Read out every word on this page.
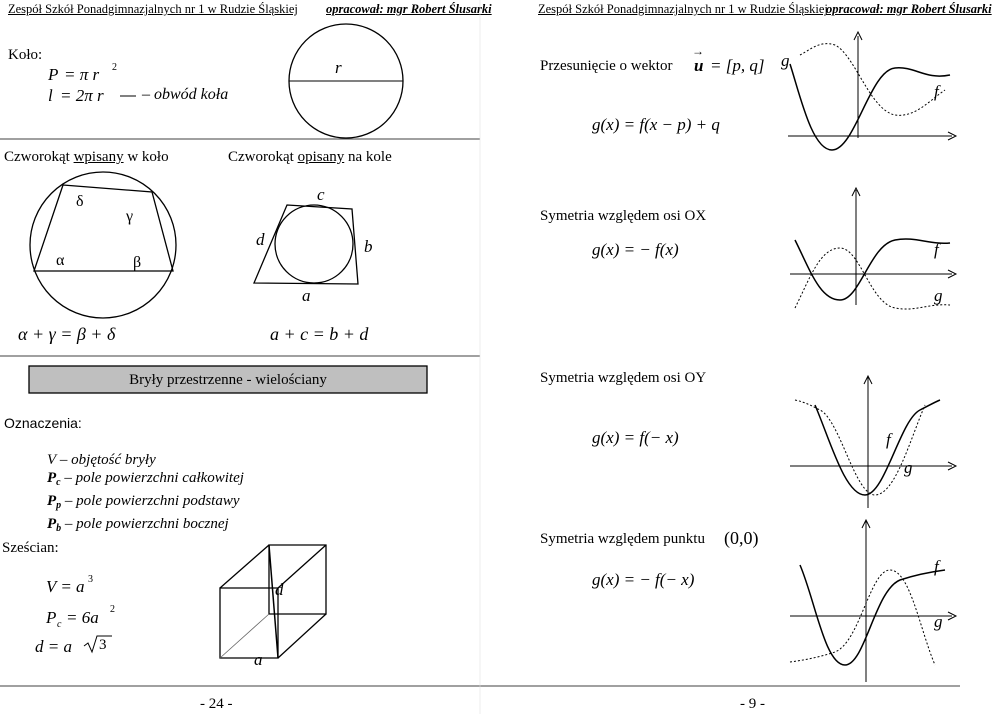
Zespół Szkół Ponadgimnazjalnych nr 1 w Rudzie Śląskiej opracował: mgr Robert Ślusarki	Zespół Szkół Ponadgimnazjalnych nr 1 w Rudzie Śląskiej
opracował: mgr Robert Ślusarki
Koło:
P = π r 2
l = 2π r – obwód koła
r
Czworokąt wpisany w koło	Czworokąt opisany na kole
δ
γ
α	β
c
d	b
a
α + γ = β + δ	a + c = b + d
Bryły przestrzenne - wielościany
Oznaczenia:
V – objętość bryły
$P_c$ – pole powierzchni całkowitej
$P_p$ – pole powierzchni podstawy
$P_b$ – pole powierzchni bocznej
Sześcian:
V = a 3
P c = 6a 2
d = a 3
d
a
Przesunięcie o wektor u
→
= [p, q]
g(x) = f(x − p) + q
g
f
Symetria względem osi OX
g(x) = − f(x)	f
g
Symetria względem osi OY
g(x) = f(− x)	f
g
Symetria względem punktu (0,0)
g(x) = − f(− x)
f
g
- 24 -	- 9 -
